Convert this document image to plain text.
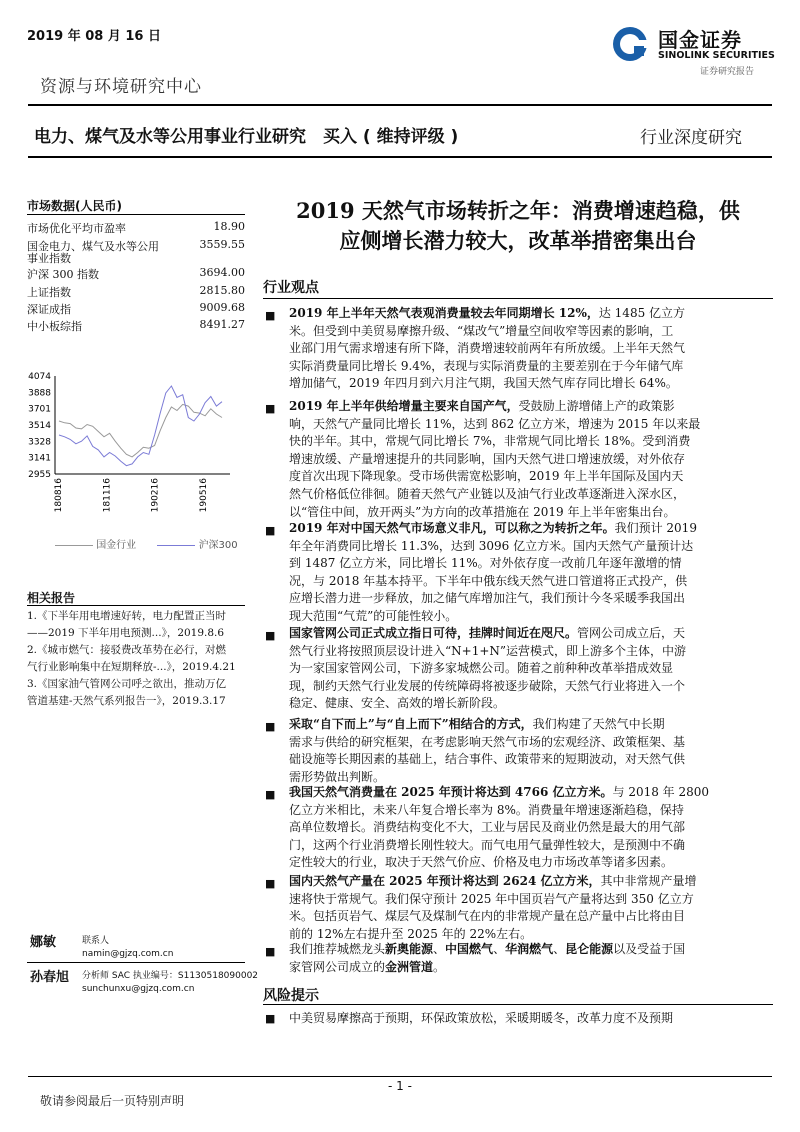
2019 年 08 月 16 日	国金证券
SINOLINK SECURITIES
证券研究报告
资源与环境研究中心
电力、煤气及水等公用事业行业研究　买入 ( 维持评级 )	行业深度研究
市场数据(人民币)
市场优化平均市盈率	18.90
国金电力、煤气及水等公用	3559.55
事业指数
沪深 300 指数	3694.00
上证指数	2815.80
深证成指	9009.68
中小板综指	8491.27
4074
3888
3701
3514
3328
3141
2955
180816	181116	190216	190516
国金行业	沪深300
相关报告
1.《下半年用电增速好转，电力配置正当时
——2019 下半年用电预测...》，2019.8.6
2.《城市燃气：接驳费改革势在必行，对燃
气行业影响集中在短期释放-...》，2019.4.21
3.《国家油气管网公司呼之欲出，推动万亿
管道基建-天然气系列报告一》，2019.3.17
娜敏	联系人
namin@gjzq.com.cn
孙春旭 分析师 SAC 执业编号：S1130518090002
sunchunxu@gjzq.com.cn
2019 天然气市场转折之年：消费增速趋稳，供
应侧增长潜力较大，改革举措密集出台
行业观点
■ 2019 年上半年天然气表观消费量较去年同期增长 12%，达 1485 亿立方
米。但受到中美贸易摩擦升级、“煤改气”增量空间收窄等因素的影响，工
业部门用气需求增速有所下降，消费增速较前两年有所放缓。上半年天然气
实际消费量同比增长 9.4%，表现与实际消费量的主要差别在于今年储气库
增加储气，2019 年四月到六月注气期，我国天然气库存同比增长 64%。
■ 2019 年上半年供给增量主要来自国产气，受鼓励上游增储上产的政策影
响，天然气产量同比增长 11%，达到 862 亿立方米，增速为 2015 年以来最
快的半年。其中，常规气同比增长 7%，非常规气同比增长 18%。受到消费
增速放缓、产量增速提升的共同影响，国内天然气进口增速放缓，对外依存
度首次出现下降现象。受市场供需宽松影响，2019 年上半年国际及国内天
然气价格低位徘徊。随着天然气产业链以及油气行业改革逐渐进入深水区，
以“管住中间，放开两头”为方向的改革措施在 2019 年上半年密集出台。
■ 2019 年对中国天然气市场意义非凡，可以称之为转折之年。我们预计 2019
年全年消费同比增长 11.3%，达到 3096 亿立方米。国内天然气产量预计达
到 1487 亿立方米，同比增长 11%。对外依存度一改前几年逐年激增的情
况，与 2018 年基本持平。下半年中俄东线天然气进口管道将正式投产，供
应增长潜力进一步释放，加之储气库增加注气，我们预计今冬采暖季我国出
现大范围“气荒”的可能性较小。
■ 国家管网公司正式成立指日可待，挂牌时间近在咫尺。管网公司成立后，天
然气行业将按照顶层设计进入“N+1+N”运营模式，即上游多个主体，中游
为一家国家管网公司，下游多家城燃公司。随着之前种种改革举措成效显
现，制约天然气行业发展的传统障碍将被逐步破除，天然气行业将进入一个
稳定、健康、安全、高效的增长新阶段。
■ 采取“自下而上”与“自上而下”相结合的方式，我们构建了天然气中长期
需求与供给的研究框架，在考虑影响天然气市场的宏观经济、政策框架、基
础设施等长期因素的基础上，结合事件、政策带来的短期波动，对天然气供
需形势做出判断。
■ 我国天然气消费量在 2025 年预计将达到 4766 亿立方米。与 2018 年 2800
亿立方米相比，未来八年复合增长率为 8%。消费量年增速逐渐趋稳，保持
高单位数增长。消费结构变化不大，工业与居民及商业仍然是最大的用气部
门，这两个行业消费增长刚性较大。而气电用气量弹性较大，是预测中不确
定性较大的行业，取决于天然气价应、价格及电力市场改革等诸多因素。
■ 国内天然气产量在 2025 年预计将达到 2624 亿立方米，其中非常规产量增
速将快于常规气。我们保守预计 2025 年中国页岩气产量将达到 350 亿立方
米。包括页岩气、煤层气及煤制气在内的非常规产量在总产量中占比将由目
前的 12%左右提升至 2025 年的 22%左右。
■ 我们推荐城燃龙头新奥能源、中国燃气、华润燃气、昆仑能源以及受益于国
家管网公司成立的金洲管道。
风险提示
■ 中美贸易摩擦高于预期，环保政策放松，采暖期暖冬，改革力度不及预期
- 1 -
敬请参阅最后一页特别声明
